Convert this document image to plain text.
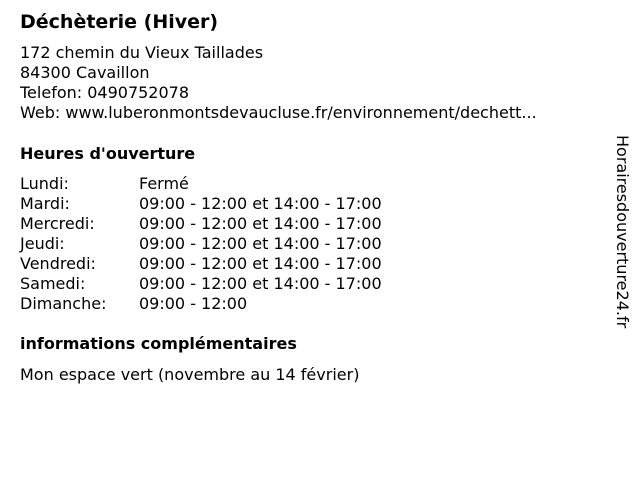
Déchèterie (Hiver)
172 chemin du Vieux Taillades
84300 Cavaillon
Telefon: 0490752078
Web: www.luberonmontsdevaucluse.fr/environnement/dechett...
Heures d'ouverture
Lundi:	Fermé
Mardi:	09:00 - 12:00 et 14:00 - 17:00
Mercredi:	09:00 - 12:00 et 14:00 - 17:00
Jeudi:	09:00 - 12:00 et 14:00 - 17:00
Vendredi:	09:00 - 12:00 et 14:00 - 17:00
Samedi:	09:00 - 12:00 et 14:00 - 17:00
Dimanche:	09:00 - 12:00
informations complémentaires
Mon espace vert (novembre au 14 février)
Horairesdouverture24.fr
